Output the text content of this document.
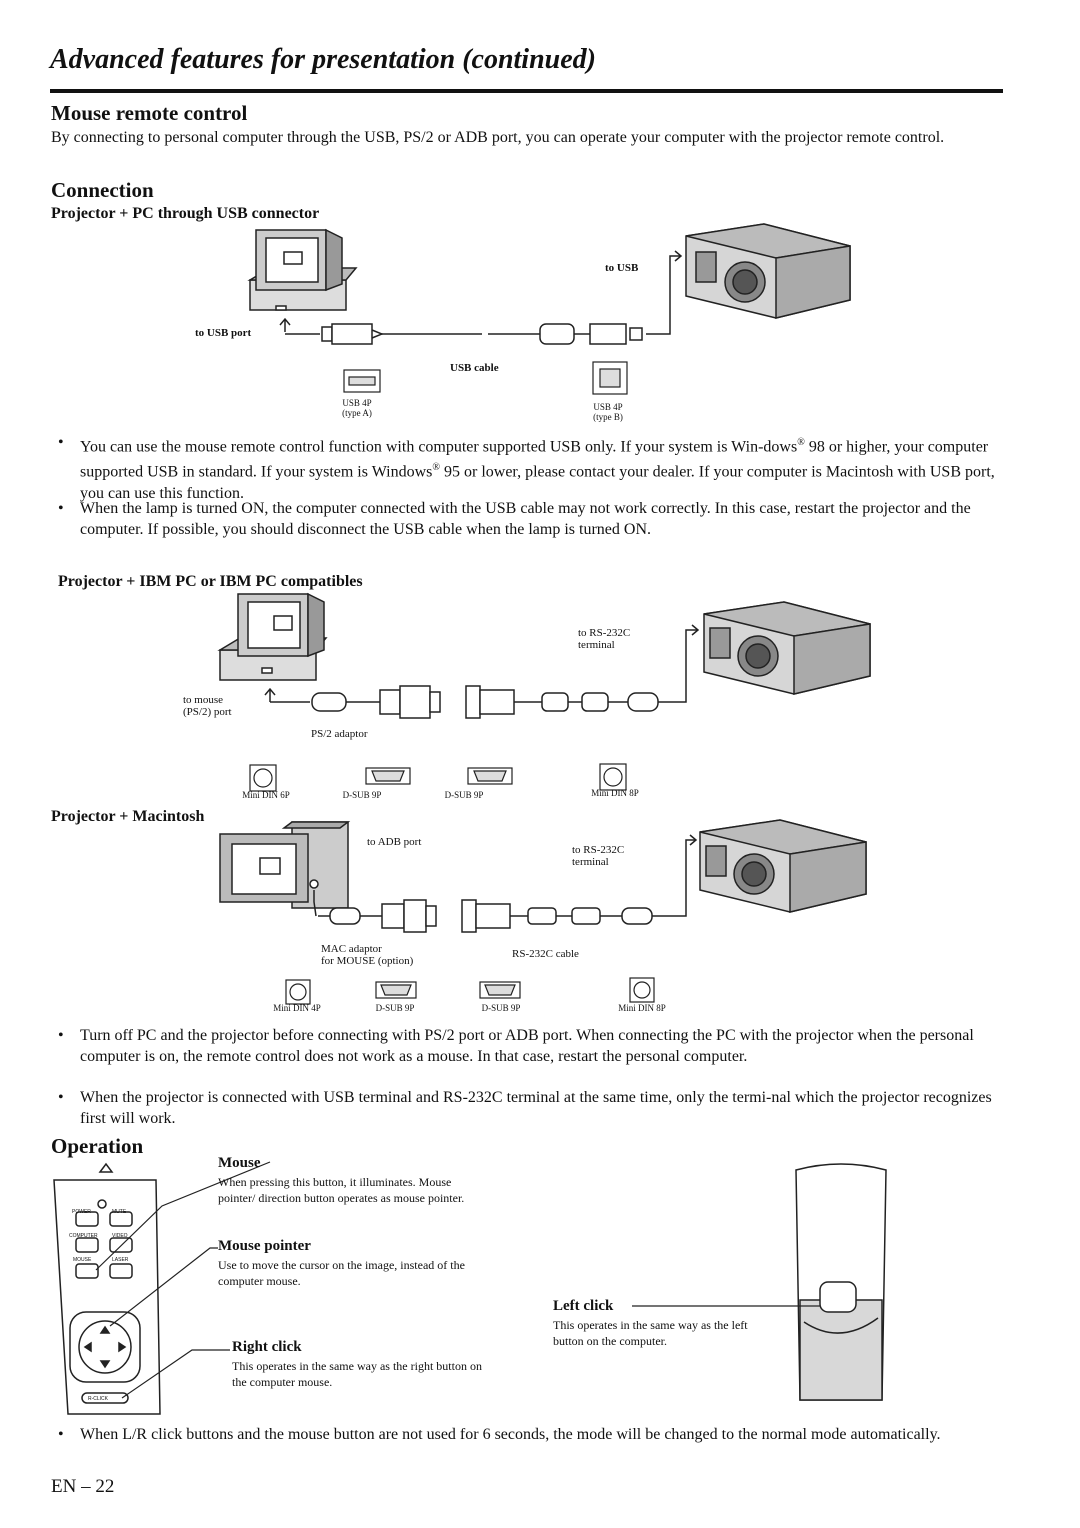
Advanced features for presentation (continued)
Mouse remote control
By connecting to personal computer through the USB, PS/2 or ADB port, you can operate your computer with the projector remote control.
Connection
Projector + PC through USB connector
to USB
to USB port
USB cable
USB 4P
(type A)
USB 4P
(type B)
• You can use the mouse remote control function with computer supported USB only. If your system is Win-dows® 98 or higher, your computer supported USB in standard. If your system is Windows® 95 or lower, please contact your dealer. If your computer is Macintosh with USB port, you can use this function.
• When the lamp is turned ON, the computer connected with the USB cable may not work correctly. In this case, restart the projector and the computer. If possible, you should disconnect the USB cable when the lamp is turned ON.
Projector + IBM PC or IBM PC compatibles
to RS-232C
terminal
to mouse
(PS/2) port
PS/2 adaptor
Mini DIN 6P	D-SUB 9P	D-SUB 9P	Mini DIN 8P
Projector + Macintosh
to ADB port
to RS-232C
terminal
MAC adaptor
for MOUSE (option)
RS-232C cable
Mini DIN 4P	D-SUB 9P	D-SUB 9P	Mini DIN 8P
• Turn off PC and the projector before connecting with PS/2 port or ADB port. When connecting the PC with the projector when the personal computer is on, the remote control does not work as a mouse. In that case, restart the personal computer.
• When the projector is connected with USB terminal and RS-232C terminal at the same time, only the termi-nal which the projector recognizes first will work.
Operation
POWER	MUTE
COMPUTER	VIDEO
MOUSE	LASER
R-CLICK
Mouse
When pressing this button, it illuminates. Mouse pointer/ direction button operates as mouse pointer.
Mouse pointer
Use to move the cursor on the image, instead of the computer mouse.
Right click
This operates in the same way as the right button on the computer mouse.
Left click
This operates in the same way as the left button on the computer.
• When L/R click buttons and the mouse button are not used for 6 seconds, the mode will be changed to the normal mode automatically.
EN – 22
